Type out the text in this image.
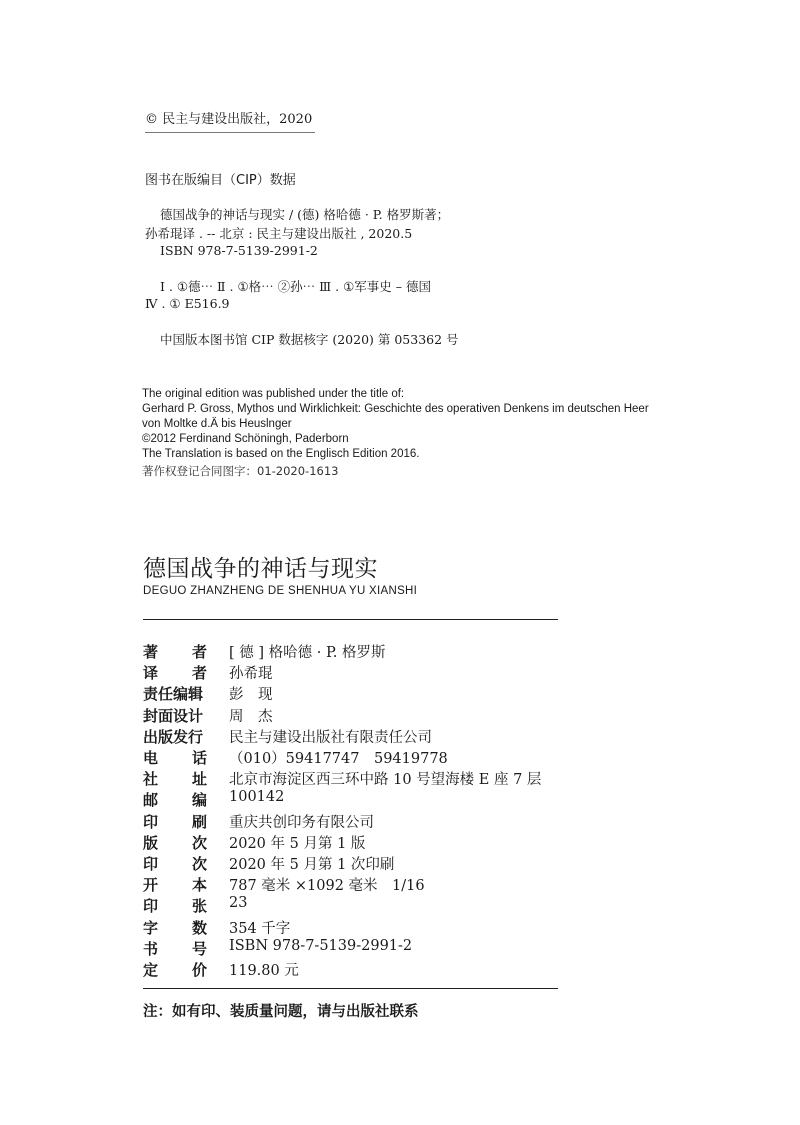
© 民主与建设出版社，2020
图书在版编目（CIP）数据
德国战争的神话与现实 / (德) 格哈德 · P. 格罗斯著；
孙希琨译 . -- 北京 : 民主与建设出版社 , 2020.5
ISBN 978-7-5139-2991-2
Ⅰ . ①德⋯ Ⅱ . ①格⋯ ②孙⋯ Ⅲ . ①军事史 – 德国
Ⅳ . ① E516.9
中国版本图书馆 CIP 数据核字 (2020) 第 053362 号
The original edition was published under the title of:
Gerhard P. Gross, Mythos und Wirklichkeit: Geschichte des operativen Denkens im deutschen Heer
von Moltke d.Ä bis Heuslnger
©2012 Ferdinand Schöningh, Paderborn
The Translation is based on the Englisch Edition 2016.
著作权登记合同图字：01-2020-1613
德国战争的神话与现实
DEGUO ZHANZHENG DE SHENHUA YU XIANSHI
著 者 [ 德 ] 格哈德 · P. 格罗斯
译 者 孙希琨
责任编辑 彭　现
封面设计 周　杰
出版发行 民主与建设出版社有限责任公司
电 话 （010）59417747　59419778
社 址 北京市海淀区西三环中路 10 号望海楼 E 座 7 层
邮 编 100142
印 刷 重庆共创印务有限公司
版 次 2020 年 5 月第 1 版
印 次 2020 年 5 月第 1 次印刷
开 本 787 毫米 ×1092 毫米　1/16
印 张 23
字 数 354 千字
书 号 ISBN 978-7-5139-2991-2
定 价 119.80 元
注：如有印、装质量问题，请与出版社联系
